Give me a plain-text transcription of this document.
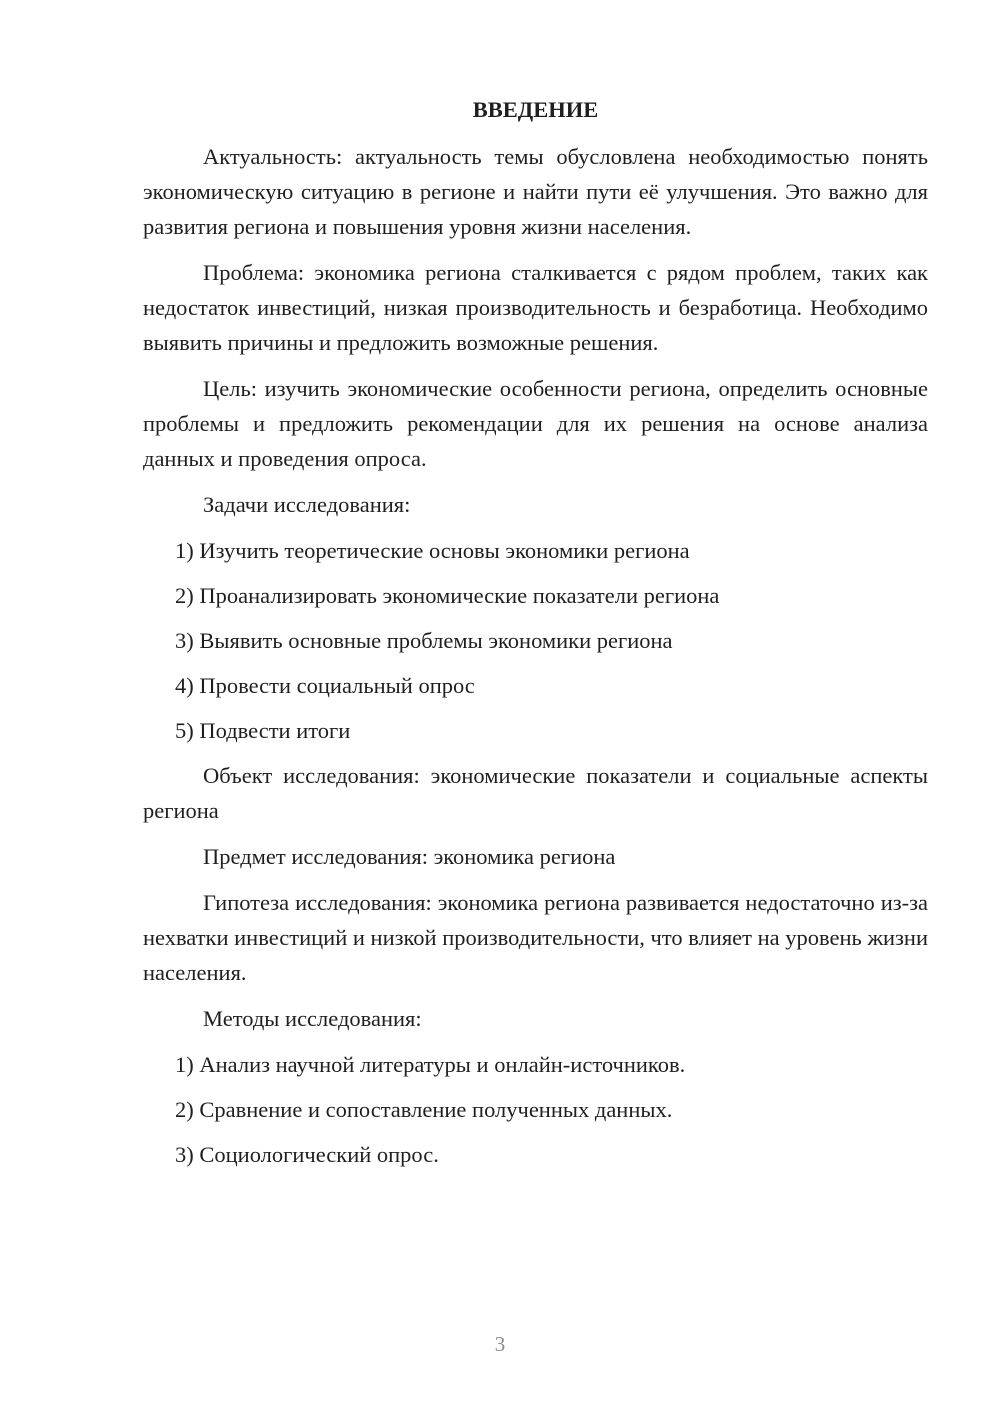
ВВЕДЕНИЕ

Актуальность: актуальность темы обусловлена необходимостью понять экономическую ситуацию в регионе и найти пути её улучшения. Это важно для развития региона и повышения уровня жизни населения.

Проблема: экономика региона сталкивается с рядом проблем, таких как недостаток инвестиций, низкая производительность и безработица. Необходимо выявить причины и предложить возможные решения.

Цель: изучить экономические особенности региона, определить основные проблемы и предложить рекомендации для их решения на основе анализа данных и проведения опроса.

Задачи исследования:

1) Изучить теоретические основы экономики региона

2) Проанализировать экономические показатели региона

3) Выявить основные проблемы экономики региона

4) Провести социальный опрос

5) Подвести итоги

Объект исследования: экономические показатели и социальные аспекты региона

Предмет исследования: экономика региона

Гипотеза исследования: экономика региона развивается недостаточно из-за нехватки инвестиций и низкой производительности, что влияет на уровень жизни населения.

Методы исследования:

1) Анализ научной литературы и онлайн-источников.

2) Сравнение и сопоставление полученных данных.

3) Социологический опрос.

3
